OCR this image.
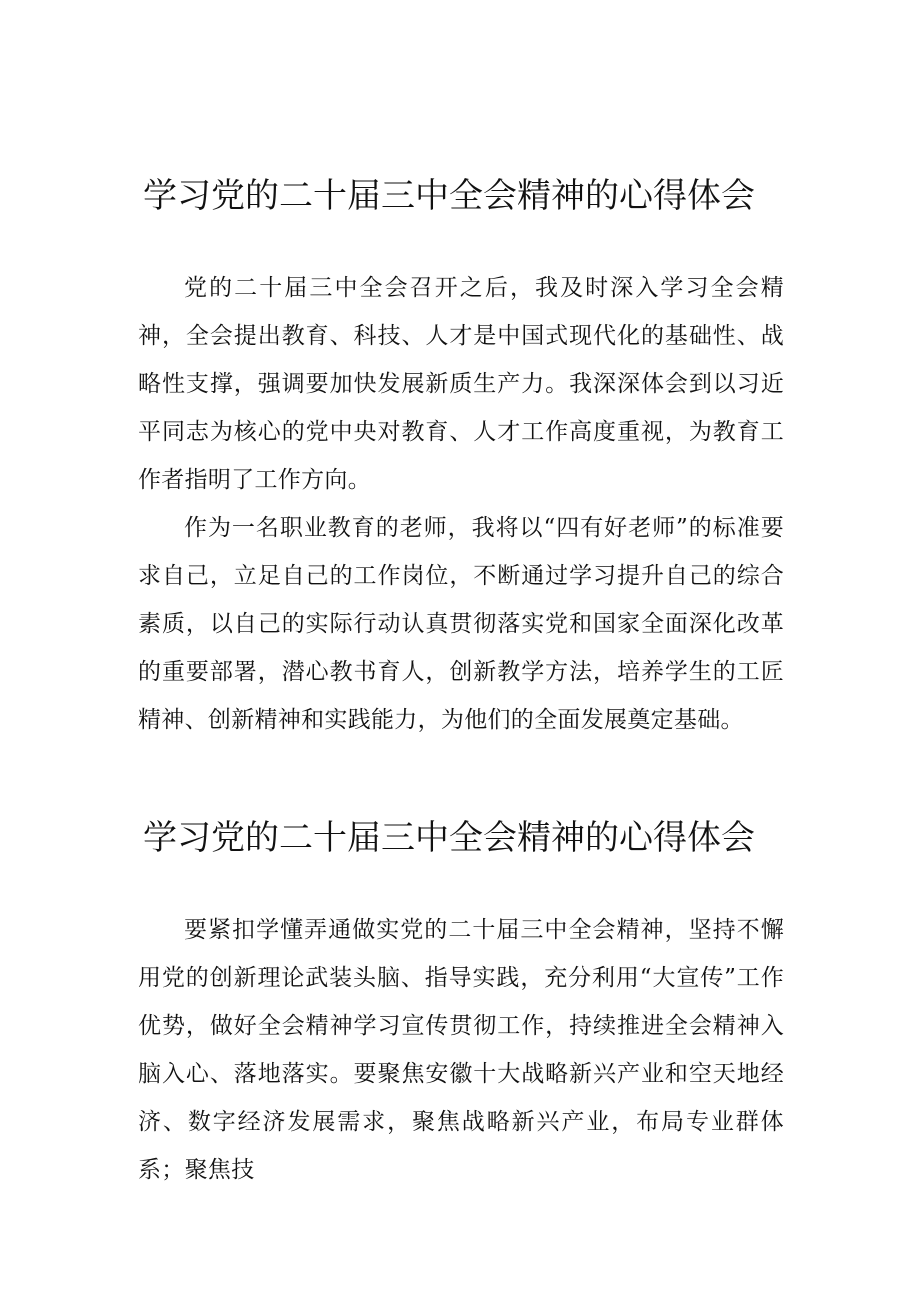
学习党的二十届三中全会精神的心得体会

党的二十届三中全会召开之后，我及时深入学习全会精神，全会提出教育、科技、人才是中国式现代化的基础性、战略性支撑，强调要加快发展新质生产力。我深深体会到以习近平同志为核心的党中央对教育、人才工作高度重视，为教育工作者指明了工作方向。

作为一名职业教育的老师，我将以“四有好老师”的标准要求自己，立足自己的工作岗位，不断通过学习提升自己的综合素质，以自己的实际行动认真贯彻落实党和国家全面深化改革的重要部署，潜心教书育人，创新教学方法，培养学生的工匠精神、创新精神和实践能力，为他们的全面发展奠定基础。

学习党的二十届三中全会精神的心得体会

要紧扣学懂弄通做实党的二十届三中全会精神，坚持不懈用党的创新理论武装头脑、指导实践，充分利用“大宣传”工作优势，做好全会精神学习宣传贯彻工作，持续推进全会精神入脑入心、落地落实。要聚焦安徽十大战略新兴产业和空天地经济、数字经济发展需求，聚焦战略新兴产业，布局专业群体系；聚焦技
